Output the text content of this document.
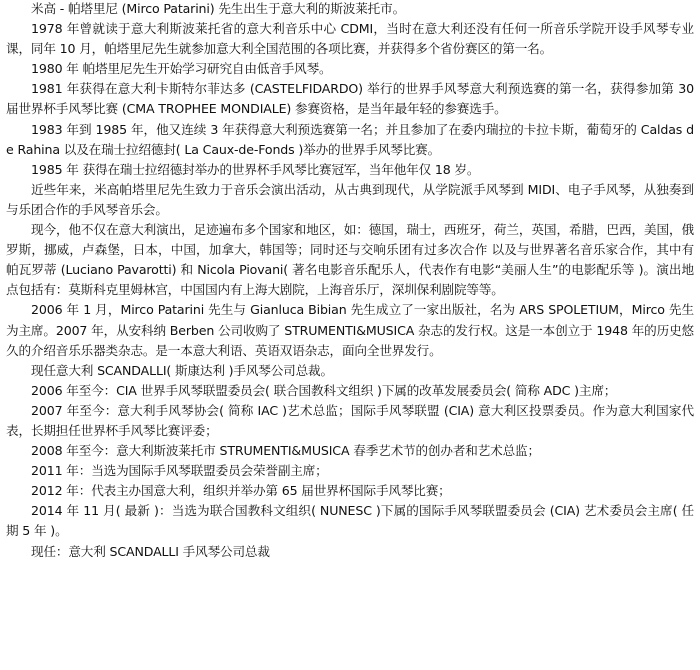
米高 - 帕塔里尼 (Mirco Patarini) 先生出生于意大利的斯波莱托市。

1978 年曾就读于意大利斯波莱托省的意大利音乐中心 CDMI，当时在意大利还没有任何一所音乐学院开设手风琴专业课，同年 10 月，帕塔里尼先生就参加意大利全国范围的各项比赛，并获得多个省份赛区的第一名。

1980 年 帕塔里尼先生开始学习研究自由低音手风琴。

1981 年获得在意大利卡斯特尔菲达多 (CASTELFIDARDO) 举行的世界手风琴意大利预选赛的第一名，获得参加第 30 届世界杯手风琴比赛 (CMA TROPHEE MONDIALE) 参赛资格，是当年最年轻的参赛选手。

1983 年到 1985 年，他又连续 3 年获得意大利预选赛第一名；并且参加了在委内瑞拉的卡拉卡斯，葡萄牙的 Caldas de Rahina 以及在瑞士拉绍德封( La Caux-de-Fonds )举办的世界手风琴比赛。

1985 年 获得在瑞士拉绍德封举办的世界杯手风琴比赛冠军，当年他年仅 18 岁。

近些年来，米高帕塔里尼先生致力于音乐会演出活动，从古典到现代，从学院派手风琴到 MIDI、电子手风琴，从独奏到与乐团合作的手风琴音乐会。

现今，他不仅在意大利演出，足迹遍布多个国家和地区，如：德国，瑞士，西班牙，荷兰，英国，希腊，巴西，美国，俄罗斯，挪威，卢森堡，日本，中国，加拿大，韩国等；同时还与交响乐团有过多次合作 以及与世界著名音乐家合作，其中有帕瓦罗蒂 (Luciano Pavarotti) 和 Nicola Piovani( 著名电影音乐配乐人，代表作有电影“美丽人生”的电影配乐等 )。演出地点包括有：莫斯科克里姆林宫，中国国内有上海大剧院，上海音乐厅，深圳保利剧院等等。

2006 年 1 月，Mirco Patarini 先生与 Gianluca Bibian 先生成立了一家出版社，名为 ARS SPOLETIUM，Mirco 先生为主席。2007 年，从安科纳 Berben 公司收购了 STRUMENTI&MUSICA 杂志的发行权。这是一本创立于 1948 年的历史悠久的介绍音乐乐器类杂志。是一本意大利语、英语双语杂志，面向全世界发行。

现任意大利 SCANDALLI( 斯康达利 )手风琴公司总裁。

2006 年至今：CIA 世界手风琴联盟委员会( 联合国教科文组织 )下属的改革发展委员会( 简称 ADC )主席；

2007 年至今：意大利手风琴协会( 简称 IAC )艺术总监；国际手风琴联盟 (CIA) 意大利区投票委员。作为意大利国家代表，长期担任世界杯手风琴比赛评委；

2008 年至今：意大利斯波莱托市 STRUMENTI&MUSICA 春季艺术节的创办者和艺术总监；

2011 年：当选为国际手风琴联盟委员会荣誉副主席；

2012 年：代表主办国意大利，组织并举办第 65 届世界杯国际手风琴比赛；

2014 年 11 月( 最新 )：当选为联合国教科文组织( NUNESC )下属的国际手风琴联盟委员会 (CIA) 艺术委员会主席( 任期 5 年 )。

现任：意大利 SCANDALLI 手风琴公司总裁
